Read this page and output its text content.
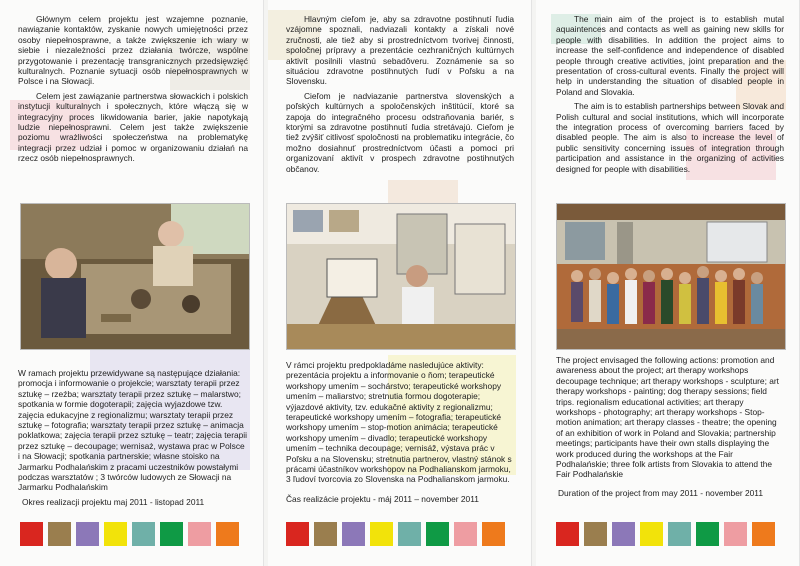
Głównym celem projektu jest wzajemne poznanie, nawiązanie kontaktów, zyskanie nowych umiejętności przez osoby niepełnosprawne, a także zwiększenie ich wiary w siebie i niezależności przez działania twórcze, wspólne przygotowanie i prezentację transgranicznych przedsięwzięć kulturalnych. Poznanie sytuacji osób niepełnosprawnych w Polsce i na Słowacji.

Celem jest zawiązanie partnerstwa słowackich i polskich instytucji kulturalnych i społecznych, które włączą się w integracyjny proces likwidowania barier, jakie napotykają ludzie niepełnosprawni. Celem jest także zwiększenie poziomu wrażliwości społeczeństwa na problematykę integracji przez udział i pomoc w organizowaniu działań na rzecz osób niepełnosprawnych.

W ramach projektu przewidywane są następujące działania: promocja i informowanie o projekcie; warsztaty terapii przez sztukę – rzeźba; warsztaty terapii przez sztukę – malarstwo; spotkania w formie dogoterapii; zajęcia wyjazdowe tzw. zajęcia edukacyjne z regionalizmu; warsztaty terapii przez sztukę – fotografia; warsztaty terapii przez sztukę – animacja poklatkowa; zajęcia terapii przez sztukę – teatr; zajęcia terapii przez sztukę – decoupage; wernisaż, wystawa prac w Polsce i na Słowacji; spotkania partnerskie; własne stoisko na Jarmarku Podhalańskim z pracami uczestników powstałymi podczas warsztatów ; 3 twórców ludowych ze Słowacji na Jarmarku Podhalańskim
Okres realizacji projektu maj 2011 - listopad 2011

Hlavným cieľom je, aby sa zdravotne postihnutí ľudia vzájomne spoznali, nadviazali kontakty a získali nové zručnosti, ale tiež aby si prostredníctvom tvorivej činnosti, spoločnej prípravy a prezentácie cezhraničných kultúrnych aktivít posilnili vlastnú sebadôveru. Zoznámenie sa so situáciou zdravotne postihnutých ľudí v Poľsku a na Slovensku.

Cieľom je nadviazanie partnerstva slovenských a poľských kultúrnych a spoločenských inštitúcií, ktoré sa zapoja do integračného procesu odstraňovania bariér, s ktorými sa zdravotne postihnutí ľudia stretávajú. Cieľom je tiež zvýšiť citlivosť spoločnosti na problematiku integrácie, čo možno dosiahnuť prostredníctvom účasti a pomoci pri organizovaní aktivít v prospech zdravotne postihnutých občanov.

V rámci projektu predpokladáme nasledujúce aktivity: prezentácia projektu a informovanie o ňom; terapeutické workshopy umením – sochárstvo; terapeutické workshopy umením – maliarstvo; stretnutia formou dogoterapie; výjazdové aktivity, tzv. edukačné aktivity z regionalizmu; terapeutické workshopy umením – fotografia; terapeutické workshopy umením – stop-motion animácia; terapeutické workshopy umením – divadlo; terapeutické workshopy umením – technika decoupage; vernisáž, výstava prác v Poľsku a na Slovensku; stretnutia partnerov, vlastný stánok s prácami účastníkov workshopov na Podhalianskom jarmoku, 3 ľudoví tvorcovia zo Slovenska na Podhalianskom jarmoku.
Čas realizácie projektu - máj 2011 – november 2011

The main aim of the project is to establish mutal aquaintences and contacts as well as gaining new skills for people with disabilities. In addition the project aims to increase the self-confidence and independence of disabled people through creative activities, joint preparation and the presentation of cross-cultural events. Finally the project will help in understanding the situation of disabled people in Poland and Slovakia.

The aim is to establish partnerships between Slovak and Polish cultural and social institutions, which will incorporate the integration process of overcoming barriers faced by disabled people. The aim is also to increase the level of public sensitivity concerning issues of integration through participation and assistance in the organizing of activities designed for people with disabilities.

The project envisaged the following actions: promotion and awareness about the project; art therapy workshops decoupage technique; art therapy workshops - sculpture; art therapy workshops - painting; dog therapy sessions; field trips. regionalism educational activities; art therapy workshops - photography; art therapy workshops - Stop-motion animation; art therapy classes - theatre; the opening of an exhibition of work in Poland and Slovakia; partnership meetings; participants have their own stalls displaying the work produced during the workshops at the Fair Podhalańskie; three folk artists from Slovakia to attend the Fair Podhalańskie
Duration of the project from may 2011 - november 2011
